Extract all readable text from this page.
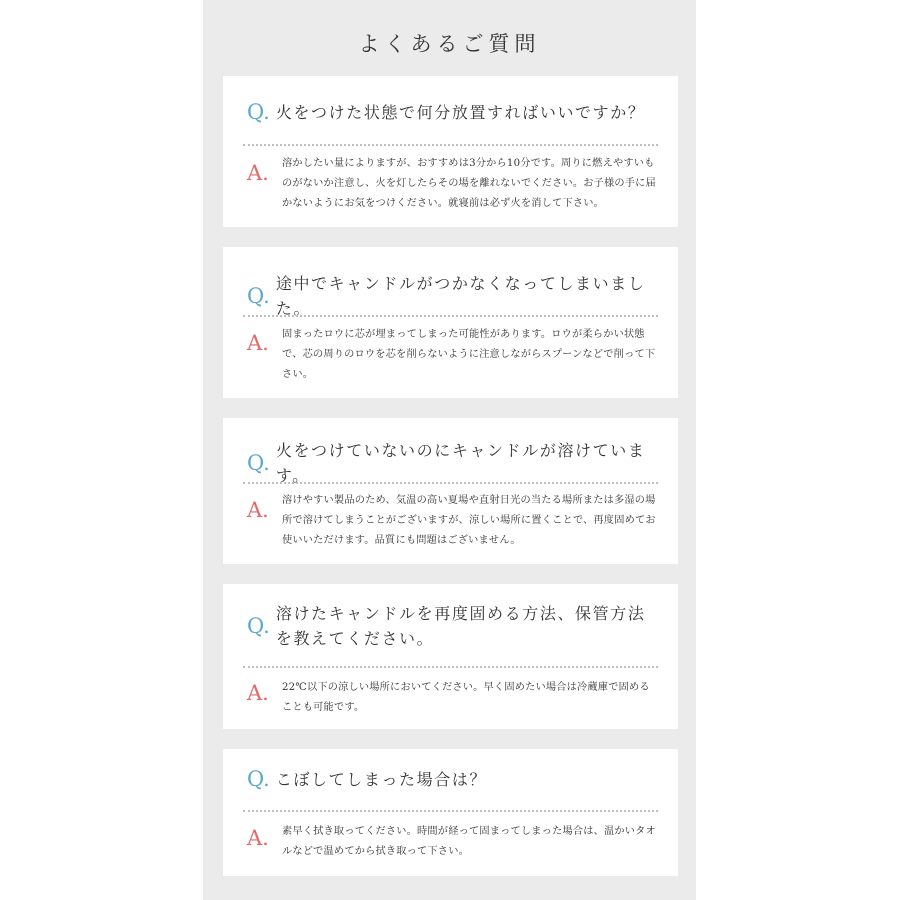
よくあるご質問
Q. 火をつけた状態で何分放置すればいいですか？
A. 溶かしたい量によりますが、おすすめは3分から10分です。周りに燃えやすいものがないか注意し、火を灯したらその場を離れないでください。お子様の手に届かないようにお気をつけください。就寝前は必ず火を消して下さい。
Q. 途中でキャンドルがつかなくなってしまいました。
A. 固まったロウに芯が埋まってしまった可能性があります。ロウが柔らかい状態で、芯の周りのロウを芯を削らないように注意しながらスプーンなどで削って下さい。
Q. 火をつけていないのにキャンドルが溶けています。
A. 溶けやすい製品のため、気温の高い夏場や直射日光の当たる場所または多湿の場所で溶けてしまうことがございますが、涼しい場所に置くことで、再度固めてお使いいただけます。品質にも問題はございません。
Q. 溶けたキャンドルを再度固める方法、保管方法を教えてください。
A. 22℃以下の涼しい場所においてください。早く固めたい場合は冷蔵庫で固めることも可能です。
Q. こぼしてしまった場合は？
A. 素早く拭き取ってください。時間が経って固まってしまった場合は、温かいタオルなどで温めてから拭き取って下さい。
